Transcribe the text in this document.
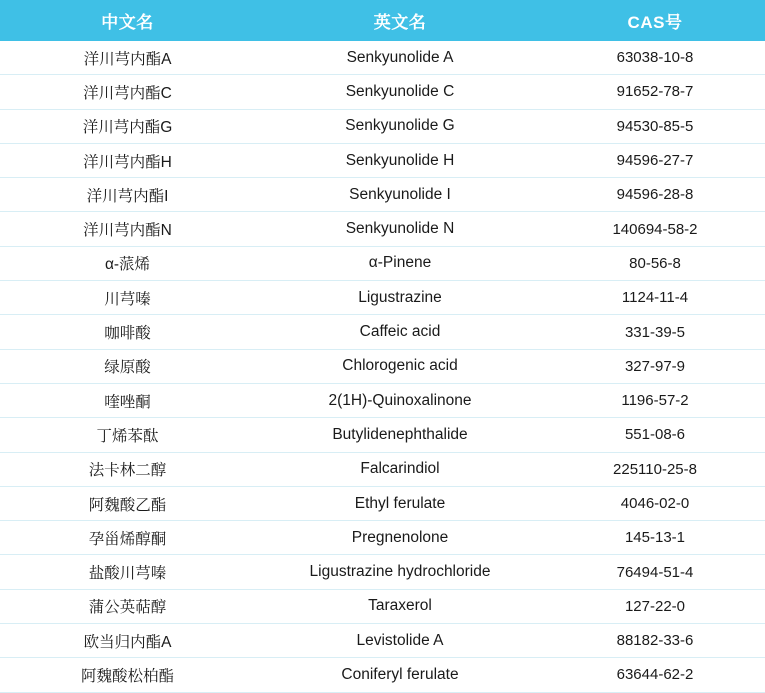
中文名	英文名	CAS号
洋川芎内酯A	Senkyunolide A	63038-10-8
洋川芎内酯C	Senkyunolide C	91652-78-7
洋川芎内酯G	Senkyunolide G	94530-85-5
洋川芎内酯H	Senkyunolide H	94596-27-7
洋川芎内酯I	Senkyunolide I	94596-28-8
洋川芎内酯N	Senkyunolide N	140694-58-2
α-蒎烯	α-Pinene	80-56-8
川芎嗪	Ligustrazine	1124-11-4
咖啡酸	Caffeic acid	331-39-5
绿原酸	Chlorogenic acid	327-97-9
喹唑酮	2(1H)-Quinoxalinone	1196-57-2
丁烯苯酞	Butylidenephthalide	551-08-6
法卡林二醇	Falcarindiol	225110-25-8
阿魏酸乙酯	Ethyl ferulate	4046-02-0
孕甾烯醇酮	Pregnenolone	145-13-1
盐酸川芎嗪	Ligustrazine hydrochloride	76494-51-4
蒲公英萜醇	Taraxerol	127-22-0
欧当归内酯A	Levistolide A	88182-33-6
阿魏酸松柏酯	Coniferyl ferulate	63644-62-2
